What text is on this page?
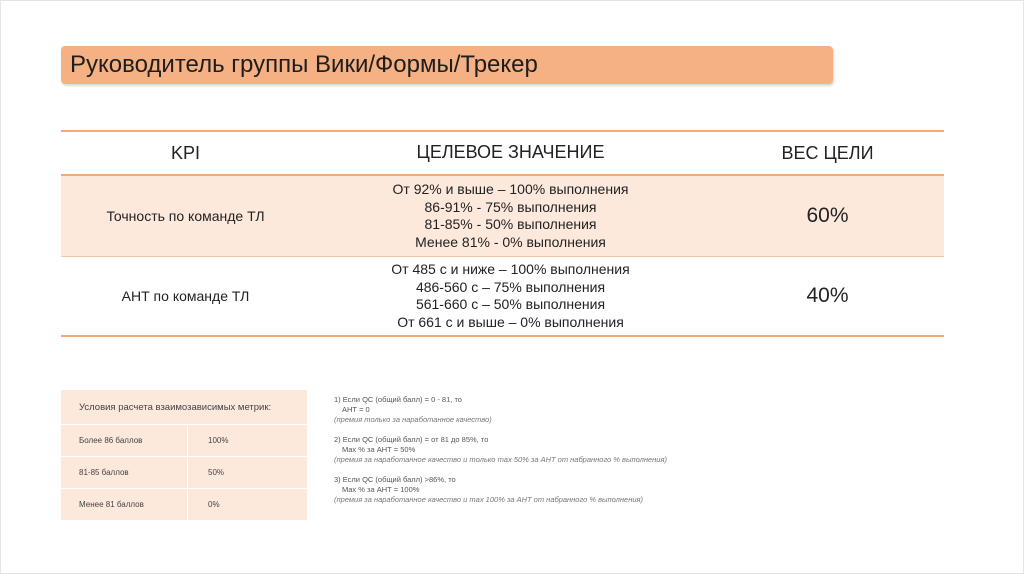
Руководитель группы Вики/Формы/Трекер
KPI	ЦЕЛЕВОЕ ЗНАЧЕНИЕ	ВЕС ЦЕЛИ
Точность по команде ТЛ	От 92% и выше – 100% выполнения
86-91% - 75% выполнения
81-85% - 50% выполнения
Менее 81% - 0% выполнения	60%
АНТ по команде ТЛ	От 485 с и ниже – 100% выполнения
486-560 с – 75% выполнения
561-660 с – 50% выполнения
От 661 с и выше – 0% выполнения	40%
Условия расчета взаимозависимых метрик:	
Более 86 баллов	100%
81-85 баллов	50%
Менее 81 баллов	0%
1) Если QC (общий балл) = 0 - 81, то
АНТ = 0
(премия только за наработанное качество)
2) Если QC (общий балл) = от 81 до 85%, то
Max % за АНТ = 50%
(премия за наработанное качество и только max 50% за АНТ от набранного % выполнения)
3) Если QC (общий балл) >86%, то
Max % за АНТ = 100%
(премия за наработанное качество и max 100% за АНТ от набранного % выполнения)
